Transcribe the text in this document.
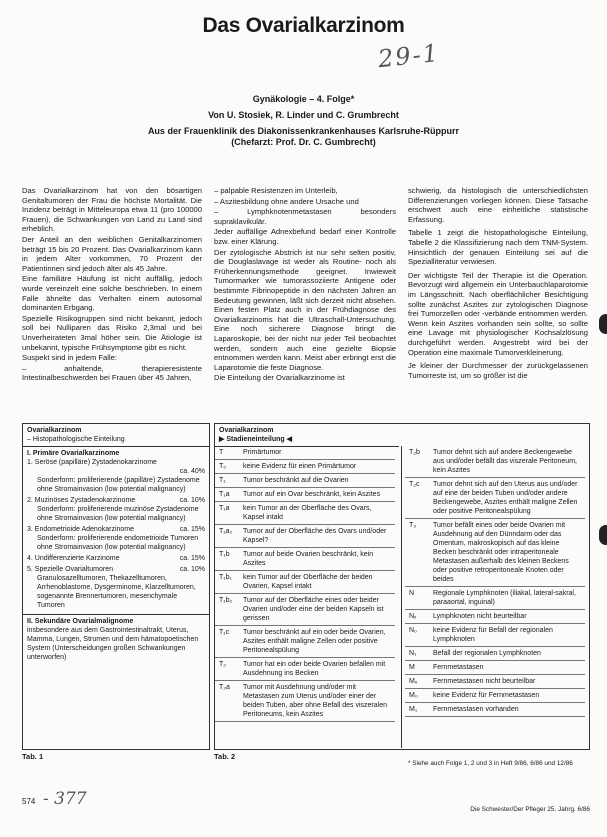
Das Ovarialkarzinom
29-1
Gynäkologie – 4. Folge*
Von U. Stosiek, R. Linder und C. Grumbrecht
Aus der Frauenklinik des Diakonissenkrankenhauses Karlsruhe-Rüppurr
(Chefarzt: Prof. Dr. C. Gumbrecht)

Das Ovarialkarzinom hat von den bösartigen Genitaltumoren der Frau die höchste Mortalität. Die Inzidenz beträgt in Mitteleuropa etwa 11 (pro 100000 Frauen), die Schwankungen von Land zu Land sind erheblich.

Der Anteil an den weiblichen Genitalkarzinomen beträgt 15 bis 20 Prozent. Das Ovarialkarzinom kann in jedem Alter vorkommen, 70 Prozent der Patientinnen sind jedoch älter als 45 Jahre.

Eine familiäre Häufung ist nicht auffällig, jedoch wurde vereinzelt eine solche beschrieben. In einem Falle ähnelte das Verhalten einem autosomal dominanten Erbgang.

Spezielle Risikogruppen sind nicht bekannt, jedoch soll bei Nulliparen das Risiko 2,3mal und bei Unverheirateten 3mal höher sein. Die Ätiologie ist unbekannt, typische Frühsymptome gibt es nicht.

Suspekt sind in jedem Falle:

– anhaltende, therapieresistente Intestinalbeschwerden bei Frauen über 45 Jahren,

– palpable Resistenzen im Unterleib,

– Aszitesbildung ohne andere Ursache und

– Lymphknotenmetastasen besonders supraklavikulär.

Jeder auffällige Adnexbefund bedarf einer Kontrolle bzw. einer Klärung.

Der zytologische Abstrich ist nur sehr selten positiv, die Douglaslavage ist weder als Routine- noch als Früherkennungsmethode geeignet. Inwieweit Tumormarker wie tumorassoziierte Antigene oder bestimmte Fibrinopeptide in den nächsten Jahren an Bedeutung gewinnen, läßt sich derzeit nicht absehen. Einen festen Platz auch in der Frühdiagnose des Ovarialkarzinoms hat die Ultraschall-Untersuchung. Eine noch sicherere Diagnose bringt die Laparoskopie, bei der nicht nur jeder Teil beobachtet werden, sondern auch eine gezielte Biopsie entnommen werden kann. Meist aber erbringt erst die Laparotomie die feste Diagnose.

Die Einteilung der Ovarialkarzinome ist

schwierig, da histologisch die unterschiedlichsten Differenzierungen vorliegen können. Diese Tatsache erschwert auch eine einheitliche statistische Erfassung.

Tabelle 1 zeigt die histopathologische Einteilung, Tabelle 2 die Klassifizierung nach dem TNM-System. Hinsichtlich der genauen Einteilung sei auf die Spezialliteratur verwiesen.

Der wichtigste Teil der Therapie ist die Operation. Bevorzugt wird allgemein ein Unterbauchlaparotomie im Längsschnitt. Nach oberflächlicher Besichtigung sollte zunächst Aszites zur zytologischen Diagnose frei Tumorzellen oder -verbände entnommen werden. Wenn kein Aszites vorhanden sein sollte, so sollte eine Lavage mit physiologischer Kochsalzlösung durchgeführt werden. Angestrebt wird bei der Operation eine maximale Tumorverkleinerung.

Je kleiner der Durchmesser der zurückgelassenen Tumorreste ist, um so größer ist die

Ovarialkarzinom
– Histopathologische Einteilung
I. Primäre Ovarialkarzinome
1. Seröse (papilläre) Zystadenokarzinome
ca. 40%
Sonderform: proliferierende (papilläre) Zystadenome ohne Stromainvasion (low potential malignancy)
2. Muzinöses Zystadenokarzinome	ca. 10%
Sonderform: proliferierende muzinöse Zystadenome ohne Stromainvasion (low potential malignancy)
3. Endometrioide Adenokarzinome	ca. 15%
Sonderform: proliferierende endometrioide Tumoren ohne Stromainvasion (low potential malignancy)
4. Undifferenzierte Karzinome	ca. 15%
5. Spezielle Ovarialtumoren	ca. 10%
Granulosazelltumoren, Thekazelltumoren, Arrhenoblastome, Dysgerminome, Klarzelltumoren, sogenannte Brennertumoren, mesenchymale Tumoren
II. Sekundäre Ovarialmalignome
insbesondere aus dem Gastrointestinaltrakt, Uterus, Mamma, Lungen, Strumen und dem hämatopoetischen System (Unterscheidungen großen Schwankungen unterworfen)
Tab. 1
Ovarialkarzinom
▶ Stadieneinteilung ◀
T	Primärtumor
T₀	keine Evidenz für einen Primärtumor
T₁	Tumor beschränkt auf die Ovarien
T₁a	Tumor auf ein Ovar beschränkt, kein Aszites
T₁a	kein Tumor an der Oberfläche des Ovars, Kapsel intakt
T₁a₂	Tumor auf der Oberfläche des Ovars und/oder Kapsel?
T₁b	Tumor auf beide Ovarien beschränkt, kein Aszites
T₁b₁	kein Tumor auf der Oberfläche der beiden Ovarien, Kapsel intakt
T₁b₂	Tumor auf der Oberfläche eines oder beider Ovarien und/oder eine der beiden Kapseln ist gerissen
T₁c	Tumor beschränkt auf ein oder beide Ovarien, Aszites enthält maligne Zellen oder positive Peritonealspülung
T₂	Tumor hat ein oder beide Ovarien befallen mit Ausdehnung ins Becken
T₂a	Tumor mit Ausdehnung und/oder mit Metastasen zum Uterus und/oder einer der beiden Tuben, aber ohne Befall des viszeralen Peritoneums, kein Aszites
T₂b	Tumor dehnt sich auf andere Beckengewebe aus und/oder befällt das viszerale Peritoneum, kein Aszites
T₂c	Tumor dehnt sich auf den Uterus aus und/oder auf eine der beiden Tuben und/oder andere Beckengewebe, Aszites enthält maligne Zellen oder positive Peritonealspülung
T₃	Tumor befällt eines oder beide Ovarien mit Ausdehnung auf den Dünndarm oder das Omentum, makroskopisch auf das kleine Becken beschränkt oder intraperitoneale Metastasen außerhalb des kleinen Beckens oder positive retroperitoneale Knoten oder beides
N	Regionale Lymphknoten (iliakal, lateral-sakral, paraaortal, inguinal)
Nₓ	Lymphknoten nicht beurteilbar
N₀	keine Evidenz für Befall der regionalen Lymphknoten
N₁	Befall der regionalen Lymphknoten
M	Fernmetastasen
Mₓ	Fernmetastasen nicht beurteilbar
M₀	keine Evidenz für Fernmetastasen
M₁	Fernmetastasen vorhanden
Tab. 2
* Siehe auch Folge 1, 2 und 3 in Heft 9/86, 6/86 und 12/86
574 - 377
Die Schwester/Der Pfleger 25. Jahrg. 6/86
